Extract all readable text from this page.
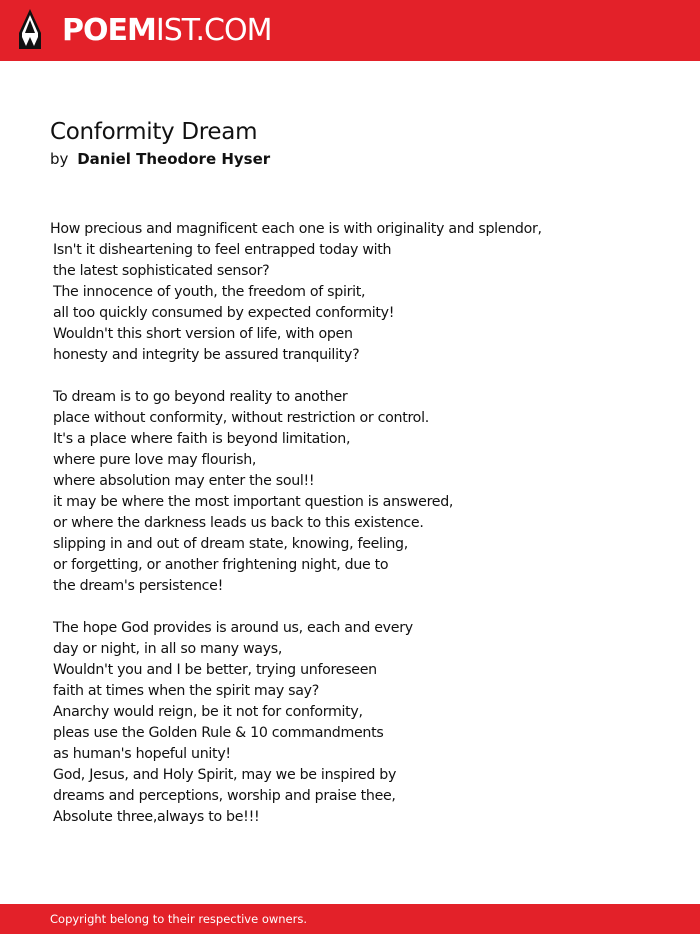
POEMIST.COM
Conformity Dream
by Daniel Theodore Hyser
How precious and magnificent each one is with originality and splendor,
Isn't it disheartening to feel entrapped today with
the latest sophisticated sensor?
The innocence of youth, the freedom of spirit,
all too quickly consumed by expected conformity!
Wouldn't this short version of life, with open
honesty and integrity be assured tranquility?
To dream is to go beyond reality to another
place without conformity, without restriction or control.
It's a place where faith is beyond limitation,
where pure love may flourish,
where absolution may enter the soul!!
it may be where the most important question is answered,
or where the darkness leads us back to this existence.
slipping in and out of dream state, knowing, feeling,
or forgetting, or another frightening night, due to
the dream's persistence!
The hope God provides is around us, each and every
day or night, in all so many ways,
Wouldn't you and I be better, trying unforeseen
faith at times when the spirit may say?
Anarchy would reign, be it not for conformity,
pleas use the Golden Rule & 10 commandments
as human's hopeful unity!
God, Jesus, and Holy Spirit, may we be inspired by
dreams and perceptions, worship and praise thee,
Absolute three,always to be!!!
Copyright belong to their respective owners.
